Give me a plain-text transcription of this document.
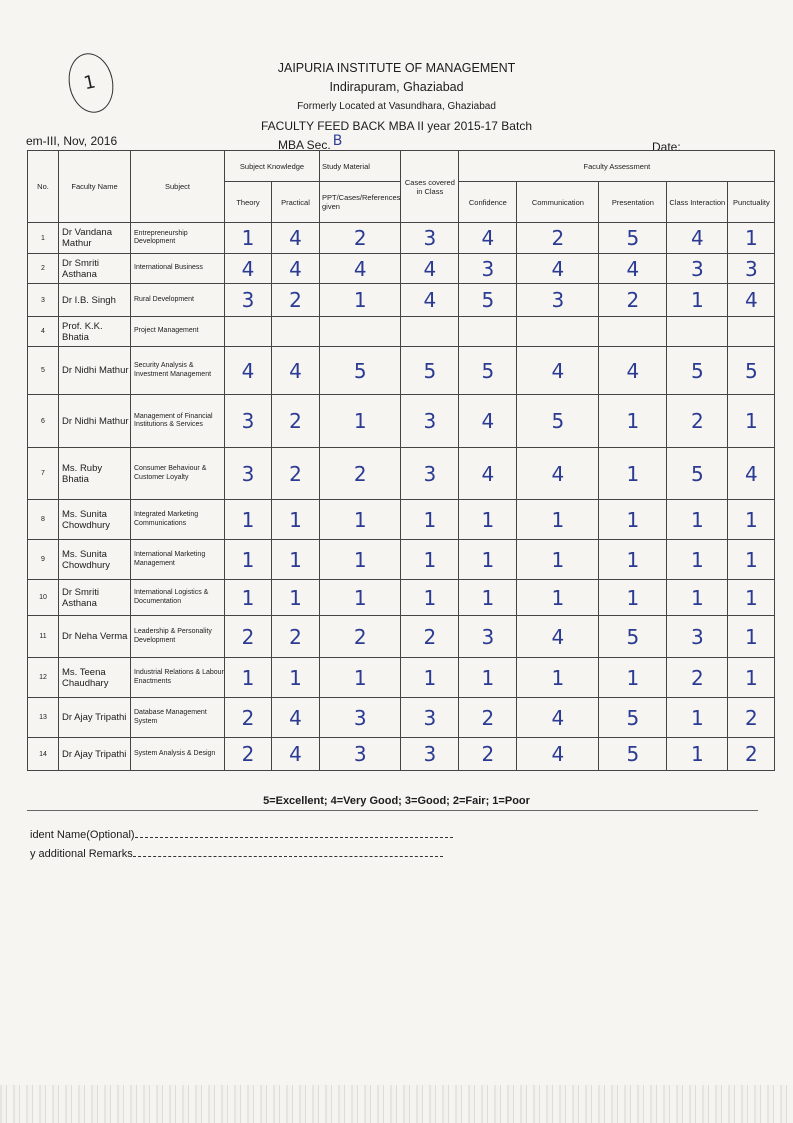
1
JAIPURIA INSTITUTE OF MANAGEMENT
Indirapuram, Ghaziabad
Formerly Located at Vasundhara, Ghaziabad
FACULTY FEED BACK MBA II year 2015-17 Batch
em-III, Nov, 2016	MBA Sec. B	Date:
No.	Faculty Name	Subject	Subject Knowledge		Study Material	Cases covered in Class	Faculty Assessment				
			Theory	Practical	PPT/Cases/References given		Confidence	Communication	Presentation	Class Interaction	Punctuality
1	Dr Vandana Mathur	Entrepreneurship Development	1	4	2	3	4	2	5	4	1
2	Dr Smriti Asthana	International Business	4	4	4	4	3	4	4	3	3
3	Dr I.B. Singh	Rural Development	3	2	1	4	5	3	2	1	4
4	Prof. K.K. Bhatia	Project Management									
5	Dr Nidhi Mathur	Security Analysis & Investment Management	4	4	5	5	5	4	4	5	5
6	Dr Nidhi Mathur	Management of Financial Institutions & Services	3	2	1	3	4	5	1	2	1
7	Ms. Ruby Bhatia	Consumer Behaviour & Customer Loyalty	3	2	2	3	4	4	1	5	4
8	Ms. Sunita Chowdhury	Integrated Marketing Communications	1	1	1	1	1	1	1	1	1
9	Ms. Sunita Chowdhury	International Marketing Management	1	1	1	1	1	1	1	1	1
10	Dr Smriti Asthana	International Logistics & Documentation	1	1	1	1	1	1	1	1	1
11	Dr Neha Verma	Leadership & Personality Development	2	2	2	2	3	4	5	3	1
12	Ms. Teena Chaudhary	Industrial Relations & Labour Enactments	1	1	1	1	1	1	1	2	1
13	Dr Ajay Tripathi	Database Management System	2	4	3	3	2	4	5	1	2
14	Dr Ajay Tripathi	System Analysis & Design	2	4	3	3	2	4	5	1	2
5=Excellent; 4=Very Good; 3=Good; 2=Fair; 1=Poor
ident Name(Optional)
y additional Remarks
